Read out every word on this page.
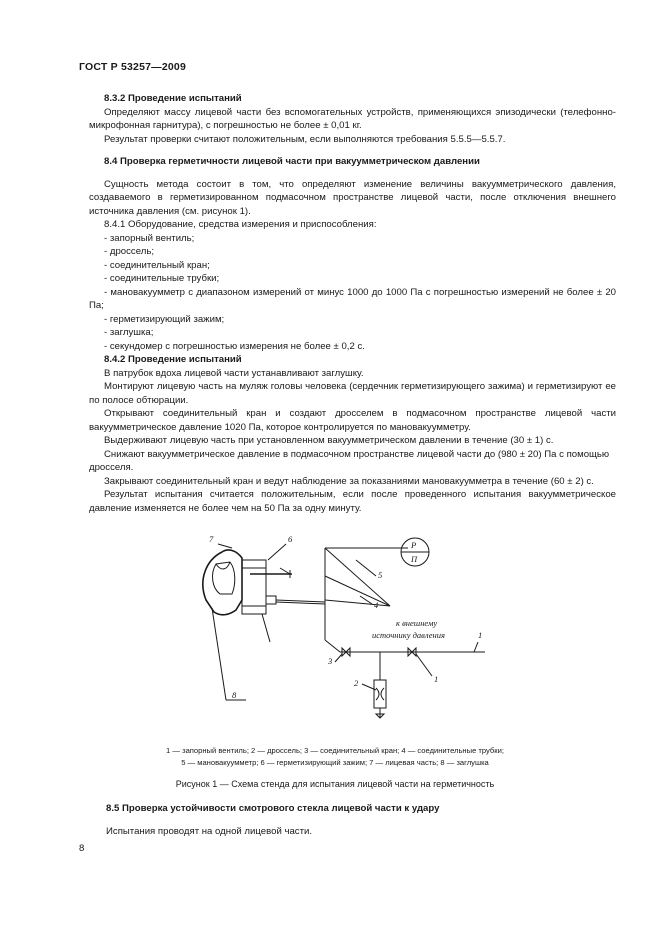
ГОСТ Р 53257—2009

8.3.2 Проведение испытаний

Определяют массу лицевой части без вспомогательных устройств, применяющихся эпизодически (телефонно-микрофонная гарнитура), с погрешностью не более ± 0,01 кг.

Результат проверки считают положительным, если выполняются требования 5.5.5—5.5.7.

8.4 Проверка герметичности лицевой части при вакуумметрическом давлении

Сущность метода состоит в том, что определяют изменение величины вакуумметрического давления, создаваемого в герметизированном подмасочном пространстве лицевой части, после отключения внешнего источника давления (см. рисунок 1).

8.4.1 Оборудование, средства измерения и приспособления:

- запорный вентиль;

- дроссель;

- соединительный кран;

- соединительные трубки;

- мановакуумметр с диапазоном измерений от минус 1000 до 1000 Па с погрешностью измерений не более ± 20 Па;

- герметизирующий зажим;

- заглушка;

- секундомер с погрешностью измерения не более ± 0,2 с.

8.4.2 Проведение испытаний

В патрубок вдоха лицевой части устанавливают заглушку.

Монтируют лицевую часть на муляж головы человека (сердечник герметизирующего зажима) и герметизируют ее по полосе обтюрации.

Открывают соединительный кран и создают дросселем в подмасочном пространстве лицевой части вакуумметрическое давление 1020 Па, которое контролируется по мановакуумметру.

Выдерживают лицевую часть при установленном вакуумметрическом давлении в течение (30 ± 1) с.

Снижают вакуумметрическое давление в подмасочном пространстве лицевой части до (980 ± 20) Па с помощью дросселя.

Закрывают соединительный кран и ведут наблюдение за показаниями мановакуумметра в течение (60 ± 2) с.

Результат испытания считается положительным, если после проведенного испытания вакуумметрическое давление изменяется не более чем на 50 Па за одну минуту.

7	6
5
4
3
1
1
2
8
P
П
к внешнему
источнику давления
1 — запорный вентиль; 2 — дроссель; 3 — соединительный кран; 4 — соединительные трубки;
5 — мановакуумметр; 6 — герметизирующий зажим; 7 — лицевая часть; 8 — заглушка
Рисунок 1 — Схема стенда для испытания лицевой части на герметичность
8.5 Проверка устойчивости смотрового стекла лицевой части к удару
Испытания проводят на одной лицевой части.
8
